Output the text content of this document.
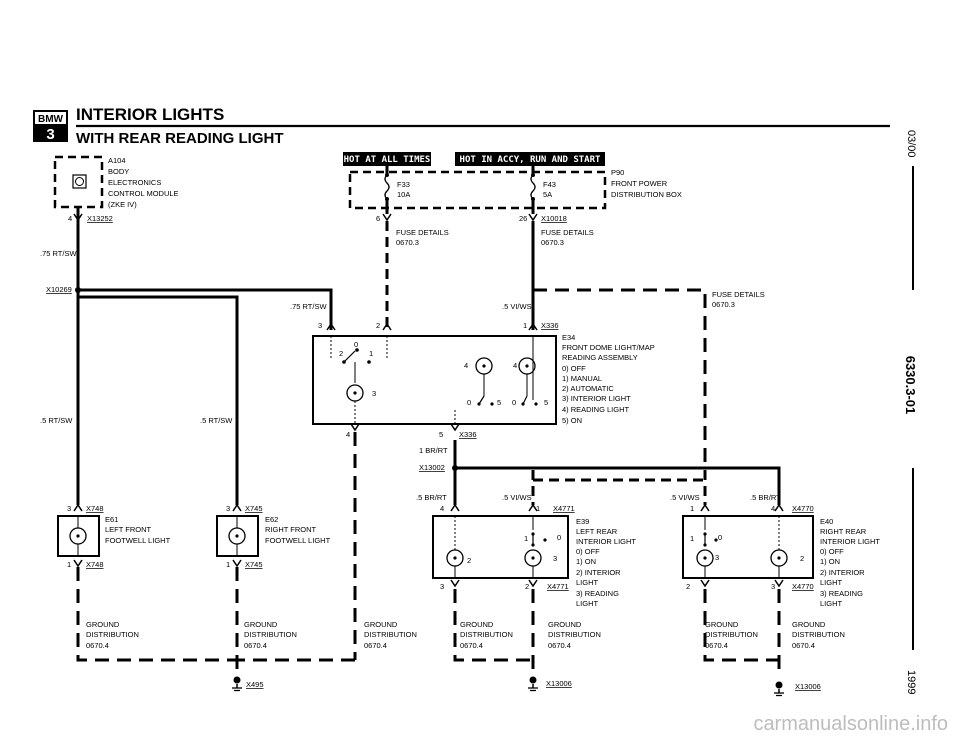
BMW
3
INTERIOR LIGHTS
WITH REAR READING LIGHT	03/00
6330.3-01
1999
A104
BODY
ELECTRONICS
CONTROL MODULE
(ZKE IV)
4 X13252
.75 RT/SW
HOT AT ALL TIMES	HOT IN ACCY, RUN AND START
F33
10A
F43
5A
P90
FRONT POWER
DISTRIBUTION BOX
6	26 X10018
FUSE DETAILS
0670.3
FUSE DETAILS
0670.3
.5 VI/WS
FUSE DETAILS
0670.3
X10269
.75 RT/SW
.5 RT/SW	.5 RT/SW
3	2	1 X336
0
2	1
3
4	4
0	5 0	5
4	5 X336
E34
FRONT DOME LIGHT/MAP
READING ASSEMBLY
0) OFF
1) MANUAL
2) AUTOMATIC
3) INTERIOR LIGHT
4) READING LIGHT
5) ON
1 BR/RT
X13002
.5 BR/RT	.5 VI/WS	.5 VI/WS	.5 BR/RT
3 X748
1 X748
E61
LEFT FRONT
FOOTWELL LIGHT
3 X745
1 X745
E62
RIGHT FRONT
FOOTWELL LIGHT
4	1 X4771
1	0
2	3
3	2 X4771
E39
LEFT REAR
INTERIOR LIGHT
0) OFF
1) ON
2) INTERIOR
LIGHT
3) READING
LIGHT
1	4 X4770
1	0
3	2
2	3 X4770
E40
RIGHT REAR
INTERIOR LIGHT
0) OFF
1) ON
2) INTERIOR
LIGHT
3) READING
LIGHT
X495	X13006	X13006
GROUND
DISTRIBUTION
0670.4
GROUND
DISTRIBUTION
0670.4
GROUND
DISTRIBUTION
0670.4
GROUND
DISTRIBUTION
0670.4
GROUND
DISTRIBUTION
0670.4
GROUND
DISTRIBUTION
0670.4
GROUND
DISTRIBUTION
0670.4
carmanualsonline.info
